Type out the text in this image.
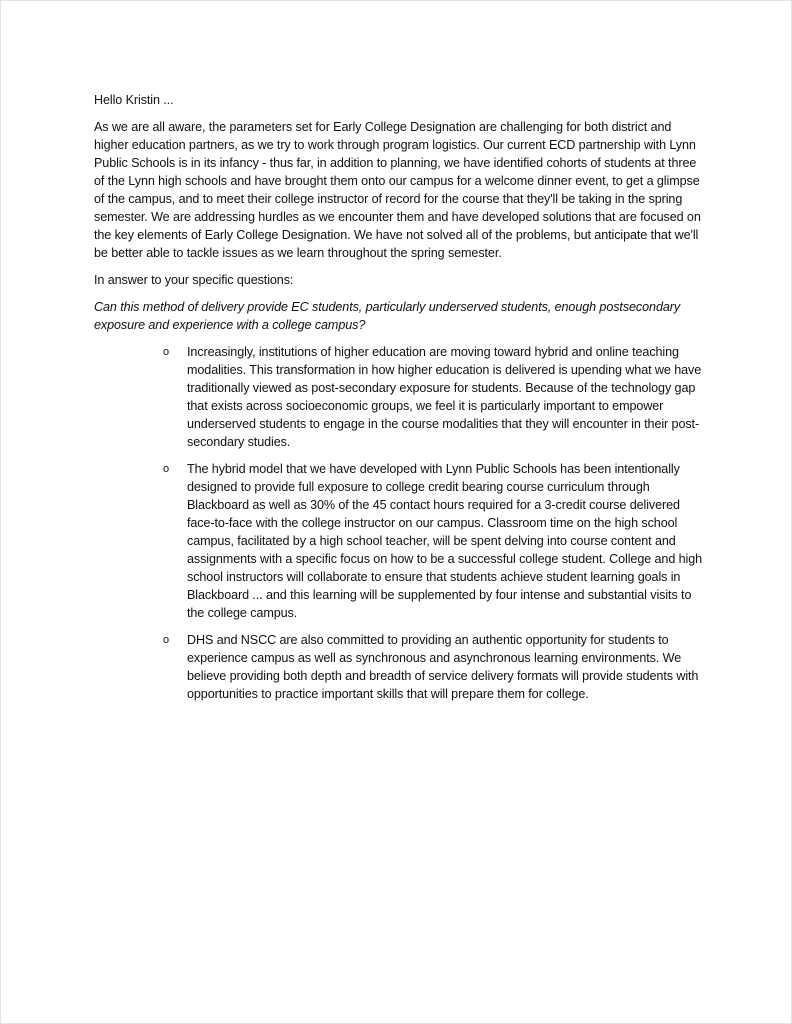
Hello Kristin ...

As we are all aware, the parameters set for Early College Designation are challenging for both district and higher education partners, as we try to work through program logistics. Our current ECD partnership with Lynn Public Schools is in its infancy - thus far, in addition to planning, we have identified cohorts of students at three of the Lynn high schools and have brought them onto our campus for a welcome dinner event, to get a glimpse of the campus, and to meet their college instructor of record for the course that they'll be taking in the spring semester. We are addressing hurdles as we encounter them and have developed solutions that are focused on the key elements of Early College Designation. We have not solved all of the problems, but anticipate that we'll be better able to tackle issues as we learn throughout the spring semester.

In answer to your specific questions:

Can this method of delivery provide EC students, particularly underserved students, enough postsecondary exposure and experience with a college campus?

o Increasingly, institutions of higher education are moving toward hybrid and online teaching modalities. This transformation in how higher education is delivered is upending what we have traditionally viewed as post-secondary exposure for students. Because of the technology gap that exists across socioeconomic groups, we feel it is particularly important to empower underserved students to engage in the course modalities that they will encounter in their post-secondary studies.
o The hybrid model that we have developed with Lynn Public Schools has been intentionally designed to provide full exposure to college credit bearing course curriculum through Blackboard as well as 30% of the 45 contact hours required for a 3-credit course delivered face-to-face with the college instructor on our campus. Classroom time on the high school campus, facilitated by a high school teacher, will be spent delving into course content and assignments with a specific focus on how to be a successful college student. College and high school instructors will collaborate to ensure that students achieve student learning goals in Blackboard ... and this learning will be supplemented by four intense and substantial visits to the college campus.
o DHS and NSCC are also committed to providing an authentic opportunity for students to experience campus as well as synchronous and asynchronous learning environments. We believe providing both depth and breadth of service delivery formats will provide students with opportunities to practice important skills that will prepare them for college.
